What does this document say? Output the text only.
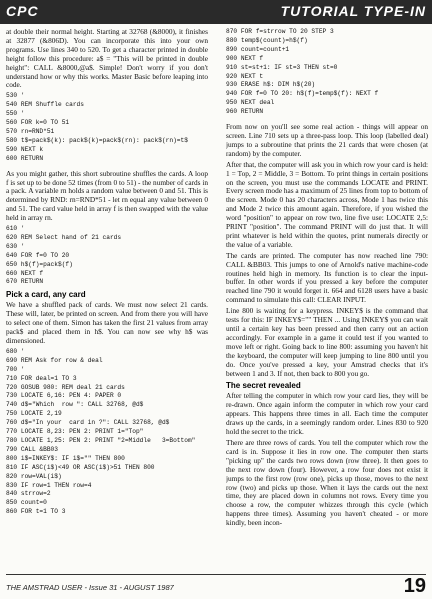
CPC	TUTORIAL TYPE-IN

at double their normal height. Starting at 32768 (&8000), it finishes at 32877 (&806D). You can incorporate this into your own programs. Use lines 340 to 520. To get a character printed in double height follow this procedure: a$ = "This will be printed in double height": CALL &8000,@a$. Simple! Don't worry if you don't understand how or why this works. Master Basic before leaping into code.

530 '
540 REM Shuffle cards
550 '
560 FOR k=0 TO 51
570 rn=RND*51
580 t$=pack$(k): pack$(k)=pack$(rn): pack$(rn)=t$
590 NEXT k
600 RETURN

As you might gather, this short subroutine shuffles the cards. A loop f is set up to be done 52 times (from 0 to 51) - the number of cards in a pack. A variable rn holds a random value between 0 and 51. This is determined by RND: rn=RND*51 - let rn equal any value between 0 and 51. The card value held in array f is then swapped with the value held in array rn.

610 '
620 REM Select hand of 21 cards
630 '
640 FOR f=0 TO 20
650 h$(f)=pack$(f)
660 NEXT f
670 RETURN
Pick a card, any card

We have a shuffled pack of cards. We must now select 21 cards. These will, later, be printed on screen. And from there you will have to select one of them. Simon has taken the first 21 values from array pack$ and placed them in h$. You can now see why h$ was dimensioned.

680 '
690 REM Ask for row & deal
700 '
710 FOR deal=1 TO 3
720 GOSUB 980: REM deal 21 cards
730 LOCATE 6,16: PEN 4: PAPER 0
740 d$="Which  row ": CALL 32768, @d$
750 LOCATE 2,19
760 d$="In your  card in ?": CALL 32768, @d$
770 LOCATE 8,23: PEN 2: PRINT 1="Top"
780 LOCATE 1,25: PEN 2: PRINT "2=Middle   3=Bottom"
790 CALL &BB03
800 i$=INKEY$: IF i$="" THEN 800
810 IF ASC(i$)<49 OR ASC(i$)>51 THEN 800
820 row=VAL(i$)
830 IF row=1 THEN row=4
840 strrow=2
850 count=0
860 FOR t=1 TO 3
870 FOR f=strrow TO 20 STEP 3
880 temp$(count)=h$(f)
890 count=count+1
900 NEXT f
910 st=st+1: IF st=3 THEN st=0
920 NEXT t
930 ERASE h$: DIM h$(20)
940 FOR f=0 TO 20: h$(f)=temp$(f): NEXT f
950 NEXT deal
960 RETURN

From now on you'll see some real action - things will appear on screen. Line 710 sets up a three-pass loop. This loop (labelled deal) jumps to a subroutine that prints the 21 cards that were chosen (at random) by the computer.

After that, the computer will ask you in which row your card is held: 1 = Top, 2 = Middle, 3 = Bottom. To print things in certain positions on the screen, you must use the commands LOCATE and PRINT. Every screen mode has a maximum of 25 lines from top to bottom of the screen. Mode 0 has 20 characters across, Mode 1 has twice this and Mode 2 twice this amount again. Therefore, if you wished the word "position" to appear on row two, line five use: LOCATE 2,5: PRINT "position". The command PRINT will do just that. It will print whatever is held within the quotes, print numerals directly or the value of a variable.

The cards are printed. The computer has now reached line 790: CALL &BB03. This jumps to one of Arnold's native machine-code routines held high in memory. Its function is to clear the input-buffer. In other words if you pressed a key before the computer reached line 790 it would forget it. 664 and 6128 users have a basic command to simulate this call: CLEAR INPUT.

Line 800 is waiting for a keypress. INKEY$ is the command that tests for this: IF INKEY$="" THEN ... Using INKEY$ you can wait until a certain key has been pressed and then carry out an action accordingly. For example in a game it could test if you wanted to move left or right. Going back to line 800: assuming you haven't hit the keyboard, the computer will keep jumping to line 800 until you do. Once you've pressed a key, your Amstrad checks that it's between 1 and 3. If not, then back to 800 you go.

The secret revealed

After telling the computer in which row your card lies, they will be re-drawn. Once again inform the computer in which row your card appears. This happens three times in all. Each time the computer draws up the cards, in a seemingly random order. Lines 830 to 920 hold the secret to the trick.

There are three rows of cards. You tell the computer which row the card is in. Suppose it lies in row one. The computer then starts "picking up" the cards two rows down (row three). It then goes to the next row down (four). However, a row four does not exist it jumps to the first row (row one), picks up those, moves to the next row (two) and picks up those. When it lays the cards out the next time, they are placed down in columns not rows. Every time you choose a row, the computer whizzes through this cycle (which happens three times). Assuming you haven't cheated - or more kindly, been incon-

THE AMSTRAD USER - Issue 31 - AUGUST 1987	19
